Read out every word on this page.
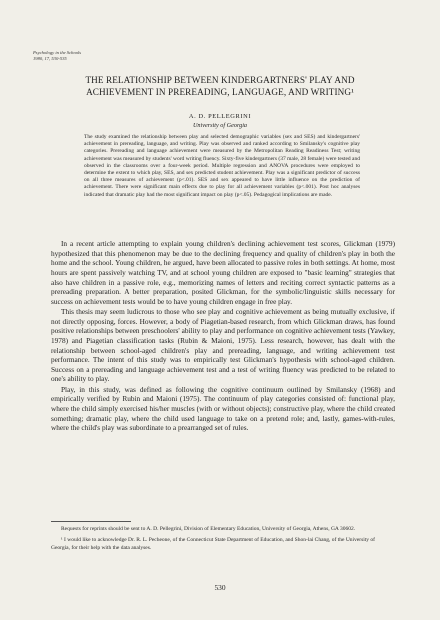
Psychology in the Schools
1980, 17, 530-535
THE RELATIONSHIP BETWEEN KINDERGARTNERS' PLAY AND
ACHIEVEMENT IN PREREADING, LANGUAGE, AND WRITING¹
A. D. PELLEGRINI
University of Georgia
The study examined the relationship between play and selected demographic variables (sex and SES) and kindergartners' achievement in prereading, language, and writing. Play was observed and ranked according to Smilansky's cognitive play categories. Prereading and language achievement were measured by the Metropolitan Reading Readiness Test; writing achievement was measured by students' word writing fluency. Sixty-five kindergartners (37 male, 28 female) were tested and observed in the classrooms over a four-week period. Multiple regression and ANOVA procedures were employed to determine the extent to which play, SES, and sex predicted student achievement. Play was a significant predictor of success on all three measures of achievement (p<.01). SES and sex appeared to have little influence on the prediction of achievement. There were significant main effects due to play for all achievement variables (p<.001). Post hoc analyses indicated that dramatic play had the most significant impact on play (p<.05). Pedagogical implications are made.

In a recent article attempting to explain young children's declining achievement test scores, Glickman (1979) hypothesized that this phenomenon may be due to the declining frequency and quality of children's play in both the home and the school. Young children, he argued, have been allocated to passive roles in both settings. At home, most hours are spent passively watching TV, and at school young children are exposed to "basic learning" strategies that also have children in a passive role, e.g., memorizing names of letters and reciting correct syntactic patterns as a prereading preparation. A better preparation, posited Glickman, for the symbolic/linguistic skills necessary for success on achievement tests would be to have young children engage in free play.

This thesis may seem ludicrous to those who see play and cognitive achievement as being mutually exclusive, if not directly opposing, forces. However, a body of Piagetian-based research, from which Glickman draws, has found positive relationships between preschoolers' ability to play and performance on cognitive achievement tests (Yawkey, 1978) and Piagetian classification tasks (Rubin & Maioni, 1975). Less research, however, has dealt with the relationship between school-aged children's play and prereading, language, and writing achievement test performance. The intent of this study was to empirically test Glickman's hypothesis with school-aged children. Success on a prereading and language achievement test and a test of writing fluency was predicted to be related to one's ability to play.

Play, in this study, was defined as following the cognitive continuum outlined by Smilansky (1968) and empirically verified by Rubin and Maioni (1975). The continuum of play categories consisted of: functional play, where the child simply exercised his/her muscles (with or without objects); constructive play, where the child created something; dramatic play, where the child used language to take on a pretend role; and, lastly, games-with-rules, where the child's play was subordinate to a prearranged set of rules.

Requests for reprints should be sent to A. D. Pellegrini, Division of Elementary Education, University of Georgia, Athens, GA 30602.

¹ I would like to acknowledge Dr. R. L. Pecheone, of the Connecticut State Department of Education, and Shon-lai Chang, of the University of Georgia, for their help with the data analyses.

530
